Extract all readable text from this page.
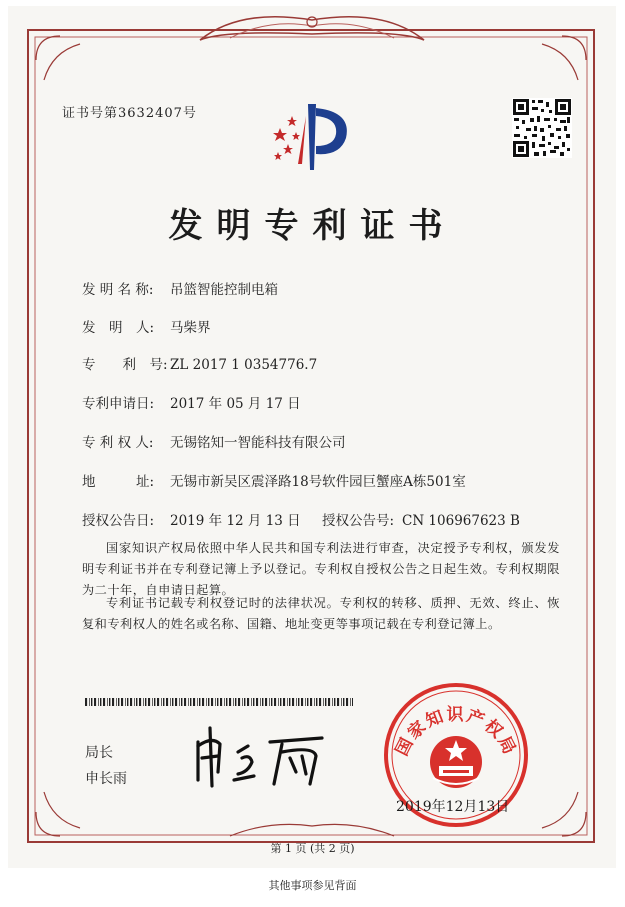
证书号第3632407号
发明专利证书
发 明 名 称: 吊篮智能控制电箱
发　明　人: 马柴界
专　　利　号: ZL 2017 1 0354776.7
专利申请日: 2017 年 05 月 17 日
专 利 权 人: 无锡铭知一智能科技有限公司
地　　　址: 无锡市新吴区震泽路18号软件园巨蟹座A栋501室
授权公告日: 2019 年 12 月 13 日 授权公告号: CN 106967623 B
国家知识产权局依照中华人民共和国专利法进行审查，决定授予专利权，颁发发明专利证书并在专利登记簿上予以登记。专利权自授权公告之日起生效。专利权期限为二十年，自申请日起算。
专利证书记载专利权登记时的法律状况。专利权的转移、质押、无效、终止、恢复和专利权人的姓名或名称、国籍、地址变更等事项记载在专利登记簿上。
局长
申长雨
国家知识产权局
2019年12月13日
第 1 页 (共 2 页)
其他事项参见背面
